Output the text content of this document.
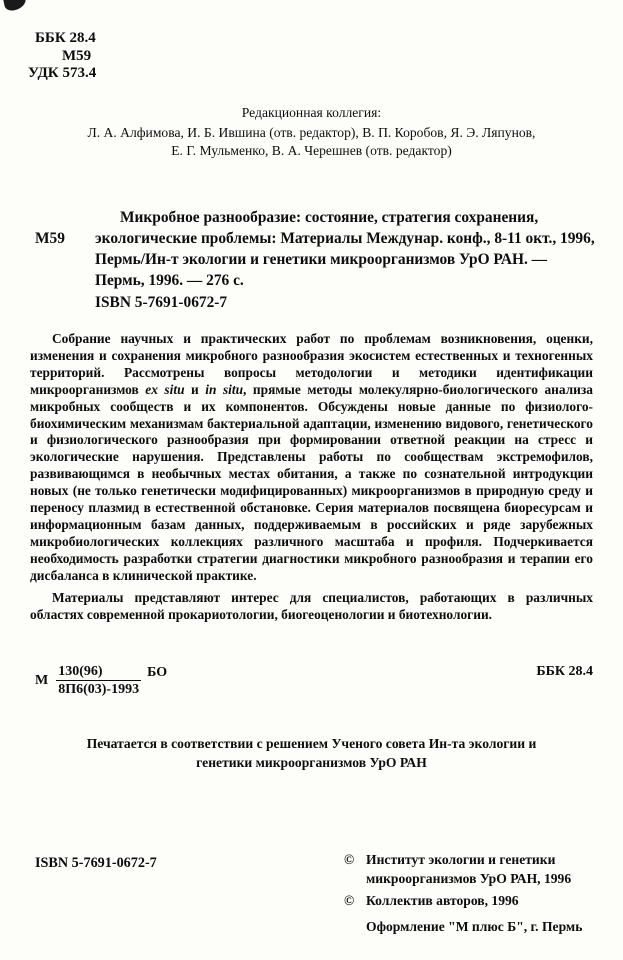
ББК 28.4
М59
УДК 573.4
Редакционная коллегия:
Л. А. Алфимова, И. Б. Ившина (отв. редактор), В. П. Коробов, Я. Э. Ляпунов,
Е. Г. Мульменко, В. А. Черешнев (отв. редактор)
М59

Микробное разнообразие: состояние, стратегия сохранения, экологические проблемы: Материалы Междунар. конф., 8-11 окт., 1996, Пермь/Ин-т экологии и генетики микроорганизмов УрО РАН. — Пермь, 1996. — 276 с.

ISBN 5-7691-0672-7

Собрание научных и практических работ по проблемам возникновения, оценки, изменения и сохранения микробного разнообразия экосистем естественных и техногенных территорий. Рассмотрены вопросы методологии и методики идентификации микроорганизмов ex situ и in situ, прямые методы молекулярно-биологического анализа микробных сообществ и их компонентов. Обсуждены новые данные по физиолого-биохимическим механизмам бактериальной адаптации, изменению видового, генетического и физиологического разнообразия при формировании ответной реакции на стресс и экологические нарушения. Представлены работы по сообществам экстремофилов, развивающимся в необычных местах обитания, а также по сознательной интродукции новых (не только генетически модифицированных) микроорганизмов в природную среду и переносу плазмид в естественной обстановке. Серия материалов посвящена биоресурсам и информационным базам данных, поддерживаемым в российских и ряде зарубежных микробиологических коллекциях различного масштаба и профиля. Подчеркивается необходимость разработки стратегии диагностики микробного разнообразия и терапии его дисбаланса в клинической практике.

Материалы представляют интерес для специалистов, работающих в различных областях современной прокариотологии, биогеоценологии и биотехнологии.

М $\frac{130(96)}{8П6(03)-1993}$ БО	ББК 28.4
Печатается в соответствии с решением Ученого совета Ин-та экологии и генетики микроорганизмов УрО РАН
ISBN 5-7691-0672-7	© Институт экологии и генетики микроорганизмов УрО РАН, 1996
© Коллектив авторов, 1996
Оформление "М плюс Б", г. Пермь
